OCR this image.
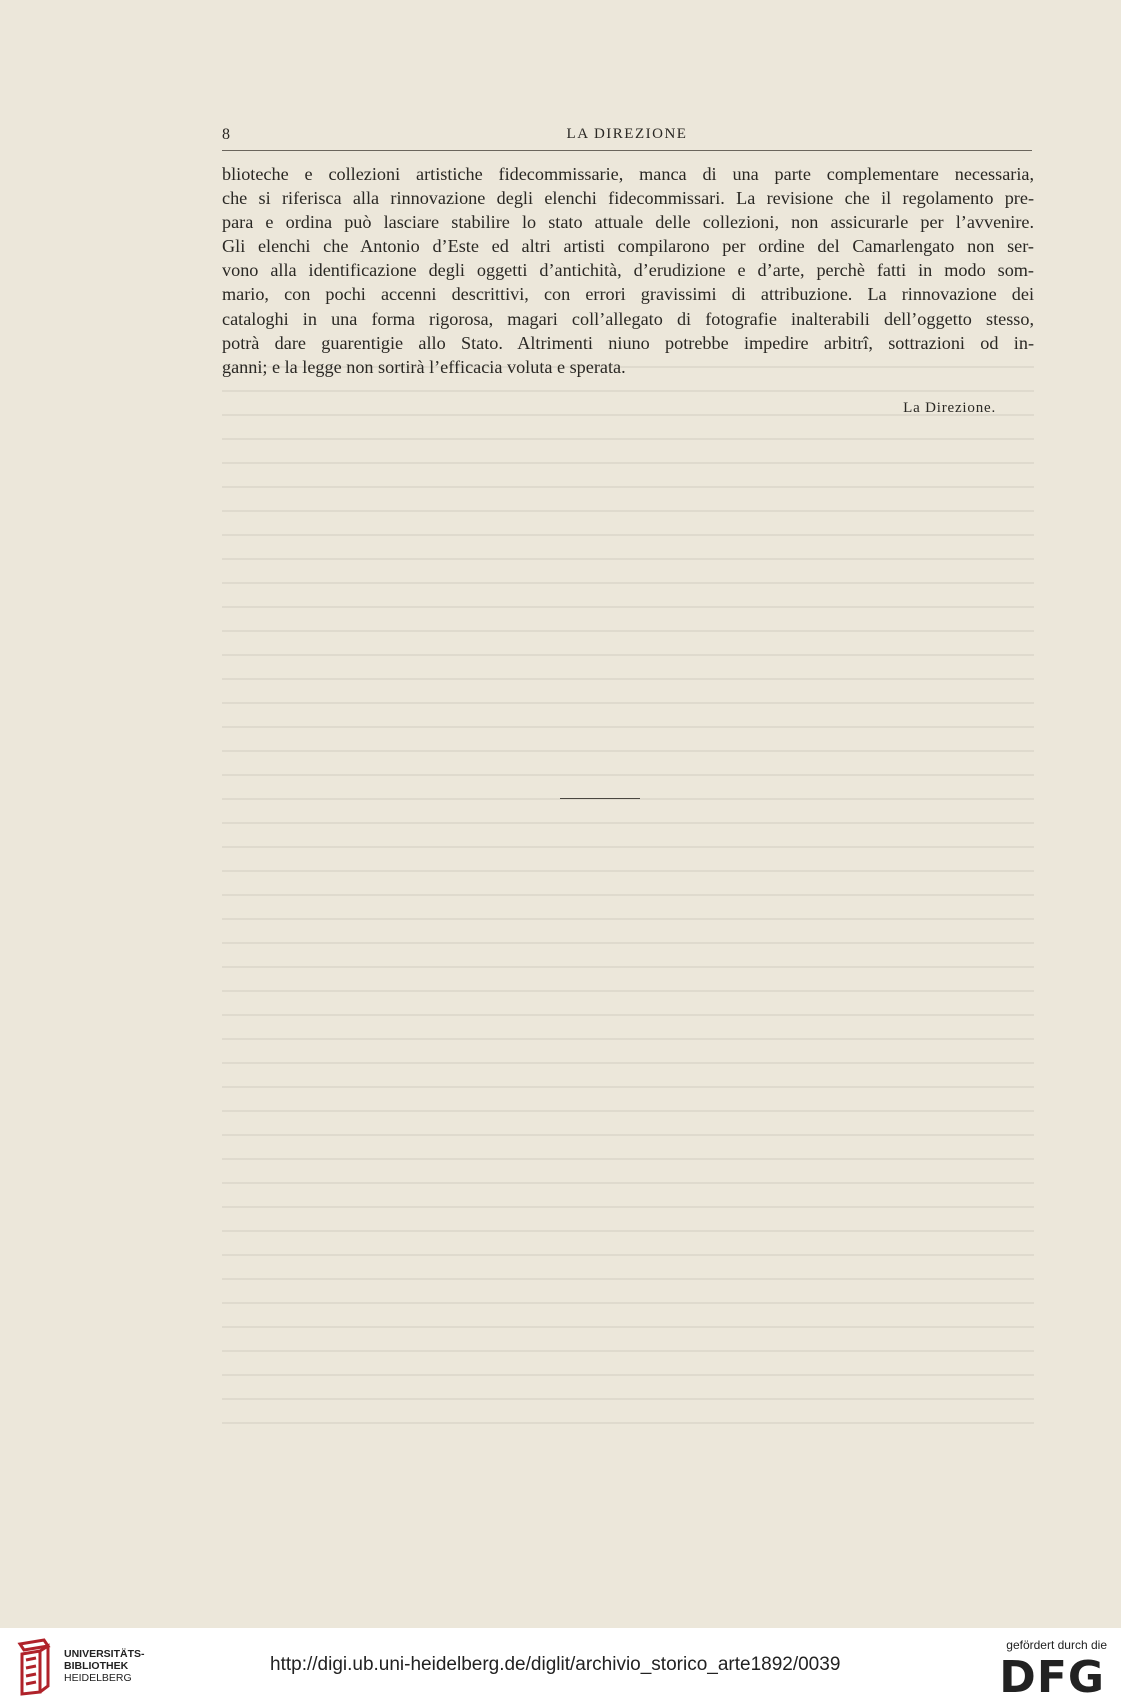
8	LA DIREZIONE
blioteche e collezioni artistiche fidecommissarie, manca di una parte complementare necessaria,
che si riferisca alla rinnovazione degli elenchi fidecommissari. La revisione che il regolamento pre-
para e ordina può lasciare stabilire lo stato attuale delle collezioni, non assicurarle per l’avvenire.
Gli elenchi che Antonio d’Este ed altri artisti compilarono per ordine del Camarlengato non ser-
vono alla identificazione degli oggetti d’antichità, d’erudizione e d’arte, perchè fatti in modo som-
mario, con pochi accenni descrittivi, con errori gravissimi di attribuzione. La rinnovazione dei
cataloghi in una forma rigorosa, magari coll’allegato di fotografie inalterabili dell’oggetto stesso,
potrà dare guarentigie allo Stato. Altrimenti niuno potrebbe impedire arbitrî, sottrazioni od in-
ganni; e la legge non sortirà l’efficacia voluta e sperata.
La Direzione.
UNIVERSITÄTS-
BIBLIOTHEK
HEIDELBERG
http://digi.ub.uni-heidelberg.de/diglit/archivio_storico_arte1892/0039
gefördert durch die
DFG
